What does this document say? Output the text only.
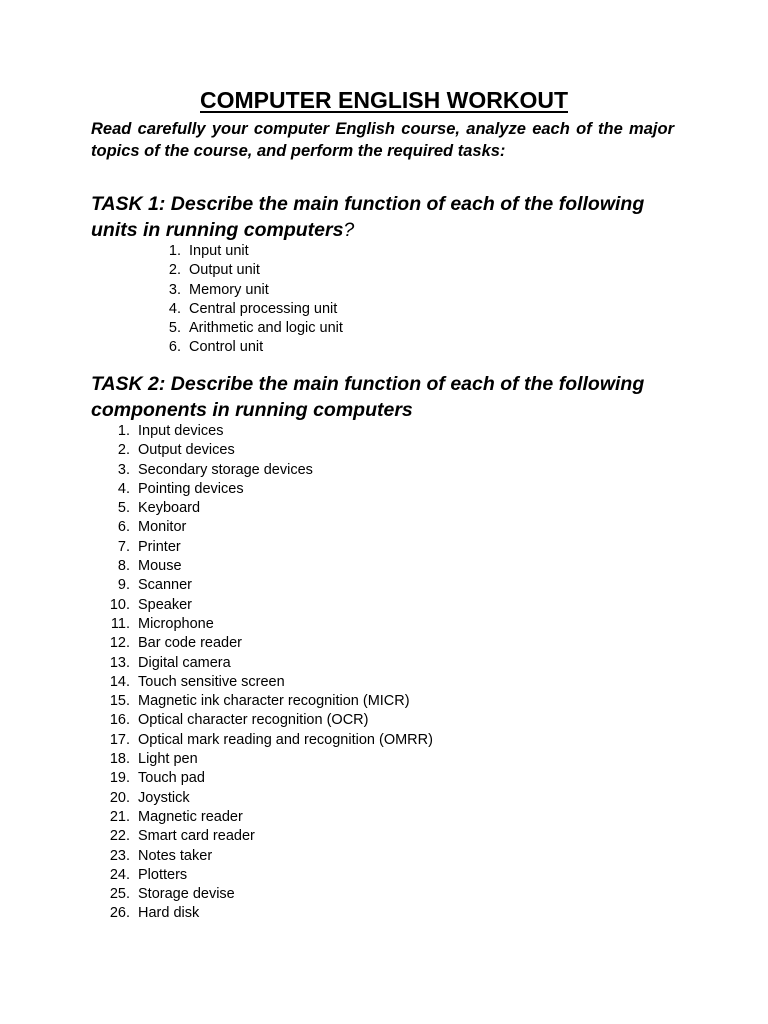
COMPUTER ENGLISH WORKOUT

Read carefully your computer English course, analyze each of the major topics of the course, and perform the required tasks:

TASK 1: Describe the main function of each of the following units in running computers?
1. Input unit
2. Output unit
3. Memory unit
4. Central processing unit
5. Arithmetic and logic unit
6. Control unit
TASK 2: Describe the main function of each of the following components in running computers
1. Input devices
2. Output devices
3. Secondary storage devices
4. Pointing devices
5. Keyboard
6. Monitor
7. Printer
8. Mouse
9. Scanner
10. Speaker
11. Microphone
12. Bar code reader
13. Digital camera
14. Touch sensitive screen
15. Magnetic ink character recognition (MICR)
16. Optical character recognition (OCR)
17. Optical mark reading and recognition (OMRR)
18. Light pen
19. Touch pad
20. Joystick
21. Magnetic reader
22. Smart card reader
23. Notes taker
24. Plotters
25. Storage devise
26. Hard disk
